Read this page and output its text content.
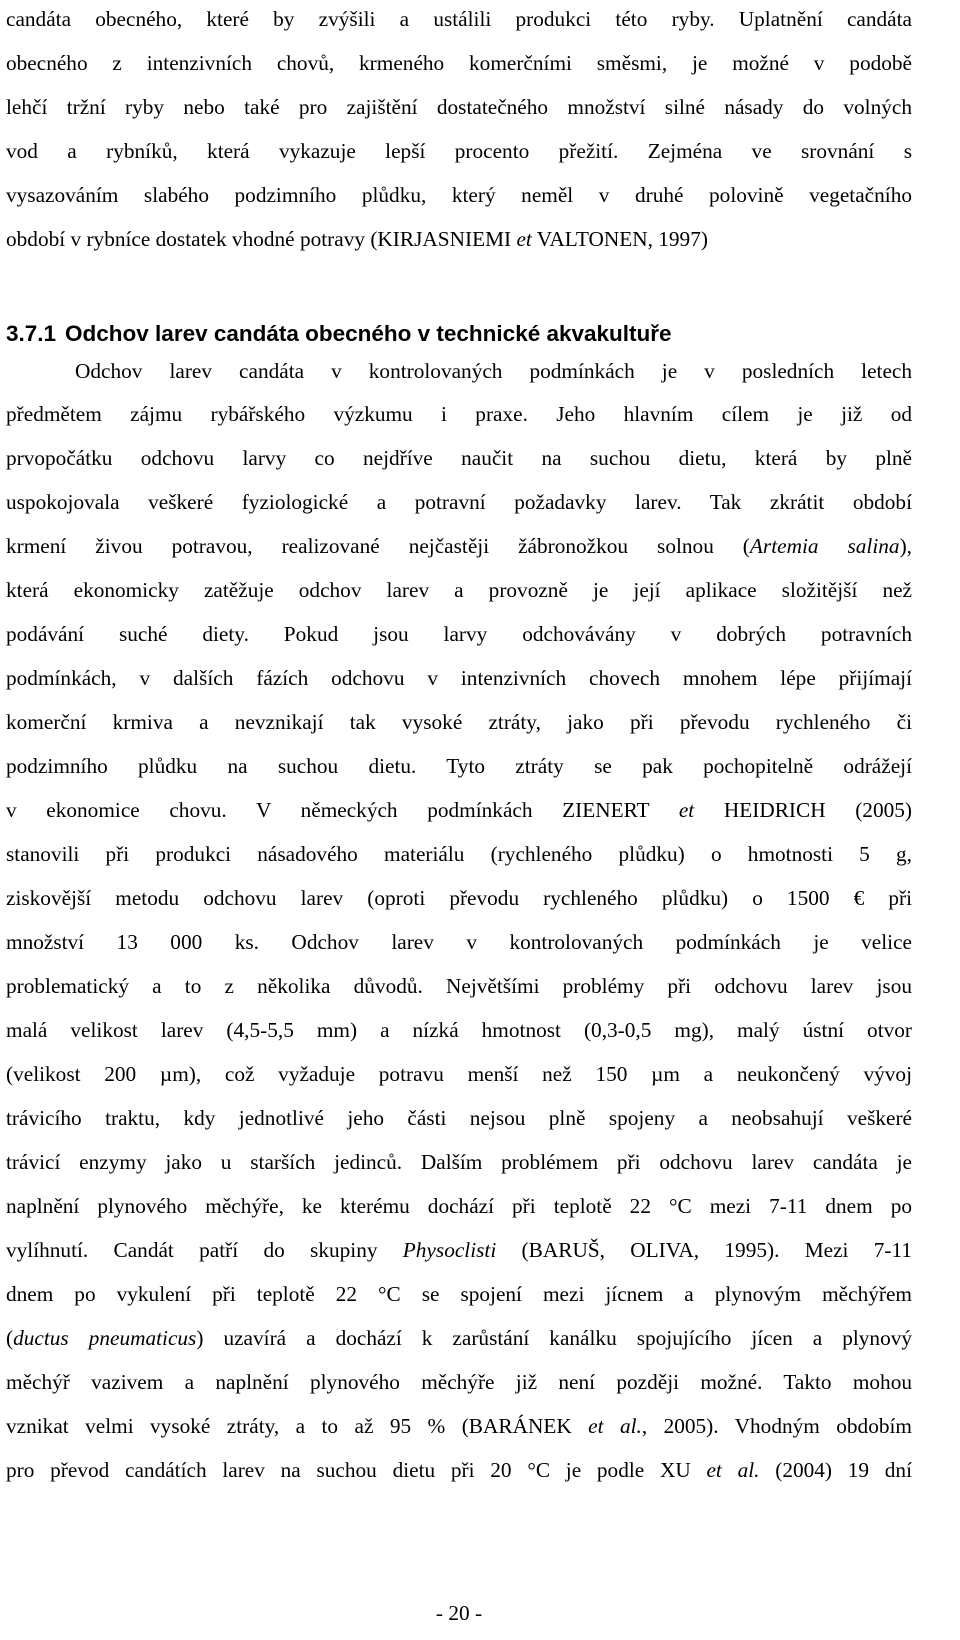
candáta obecného, které by zvýšili a ustálili produkci této ryby. Uplatnění candáta
obecného z intenzivních chovů, krmeného komerčními směsmi, je možné v podobě
lehčí tržní ryby nebo také pro zajištění dostatečného množství silné násady do volných
vod a rybníků, která vykazuje lepší procento přežití. Zejména ve srovnání s
vysazováním slabého podzimního plůdku, který neměl v druhé polovině vegetačního
období v rybníce dostatek vhodné potravy (KIRJASNIEMI et VALTONEN, 1997)
3.7.1 Odchov larev candáta obecného v technické akvakultuře
Odchov larev candáta v kontrolovaných podmínkách je v posledních letech
předmětem zájmu rybářského výzkumu i praxe. Jeho hlavním cílem je již od
prvopočátku odchovu larvy co nejdříve naučit na suchou dietu, která by plně
uspokojovala veškeré fyziologické a potravní požadavky larev. Tak zkrátit období
krmení živou potravou, realizované nejčastěji žábronožkou solnou (Artemia salina),
která ekonomicky zatěžuje odchov larev a provozně je její aplikace složitější než
podávání suché diety. Pokud jsou larvy odchovávány v dobrých potravních
podmínkách, v dalších fázích odchovu v intenzivních chovech mnohem lépe přijímají
komerční krmiva a nevznikají tak vysoké ztráty, jako při převodu rychleného či
podzimního plůdku na suchou dietu. Tyto ztráty se pak pochopitelně odrážejí
v ekonomice chovu. V německých podmínkách ZIENERT et HEIDRICH (2005)
stanovili při produkci násadového materiálu (rychleného plůdku) o hmotnosti 5 g,
ziskovější metodu odchovu larev (oproti převodu rychleného plůdku) o 1500 € při
množství 13 000 ks. Odchov larev v kontrolovaných podmínkách je velice
problematický a to z několika důvodů. Největšími problémy při odchovu larev jsou
malá velikost larev (4,5-5,5 mm) a nízká hmotnost (0,3-0,5 mg), malý ústní otvor
(velikost 200 µm), což vyžaduje potravu menší než 150 µm a neukončený vývoj
trávicího traktu, kdy jednotlivé jeho části nejsou plně spojeny a neobsahují veškeré
trávicí enzymy jako u starších jedinců. Dalším problémem při odchovu larev candáta je
naplnění plynového měchýře, ke kterému dochází při teplotě 22 °C mezi 7-11 dnem po
vylíhnutí. Candát patří do skupiny Physoclisti (BARUŠ, OLIVA, 1995). Mezi 7-11
dnem po vykulení při teplotě 22 °C se spojení mezi jícnem a plynovým měchýřem
(ductus pneumaticus) uzavírá a dochází k zarůstání kanálku spojujícího jícen a plynový
měchýř vazivem a naplnění plynového měchýře již není později možné. Takto mohou
vznikat velmi vysoké ztráty, a to až 95 % (BARÁNEK et al., 2005). Vhodným obdobím
pro převod candátích larev na suchou dietu při 20 °C je podle XU et al. (2004) 19 dní
- 20 -
